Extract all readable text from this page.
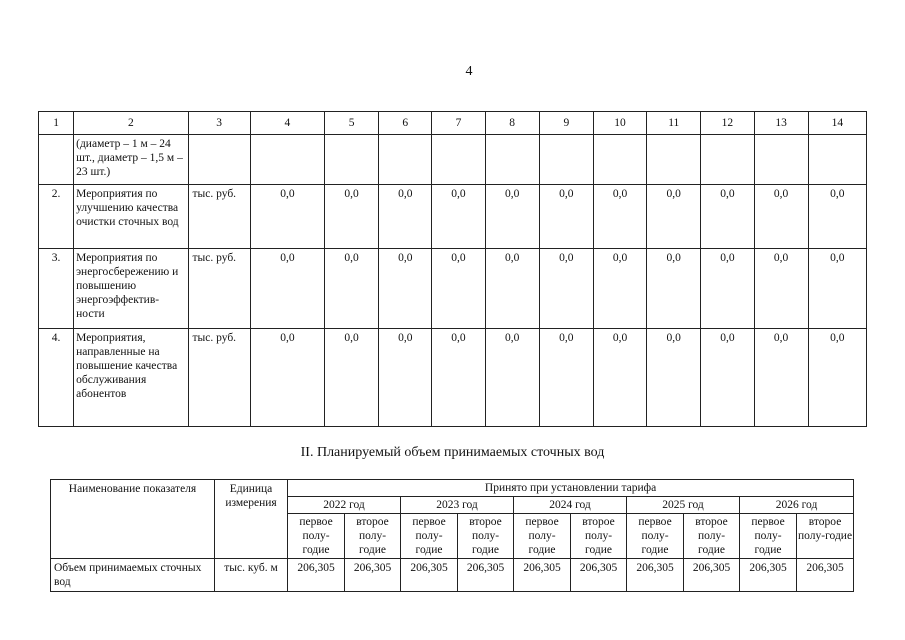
4
1	2	3	4	5	6	7	8	9	10	11	12	13	14
	(диаметр – 1 м – 24 шт., диаметр – 1,5 м – 23 шт.)												
2.	Мероприятия по улучшению качества очистки сточных вод	тыс. руб.	0,0	0,0	0,0	0,0	0,0	0,0	0,0	0,0	0,0	0,0	0,0
3.	Мероприятия по энергосбережению и повышению энергоэффектив-ности	тыс. руб.	0,0	0,0	0,0	0,0	0,0	0,0	0,0	0,0	0,0	0,0	0,0
4.	Мероприятия, направленные на повышение качества обслуживания абонентов	тыс. руб.	0,0	0,0	0,0	0,0	0,0	0,0	0,0	0,0	0,0	0,0	0,0
II. Планируемый объем принимаемых сточных вод
Наименование показателя	Единица измерения	Принято при установлении тарифа									
		2022 год		2023 год		2024 год		2025 год		2026 год	
		первое полу-годие	второе полу-годие	первое полу-годие	второе полу-годие	первое полу-годие	второе полу-годие	первое полу-годие	второе полу-годие	первое полу-годие	второе полу-годие
Объем принимаемых сточных вод	тыс. куб. м	206,305	206,305	206,305	206,305	206,305	206,305	206,305	206,305	206,305	206,305
